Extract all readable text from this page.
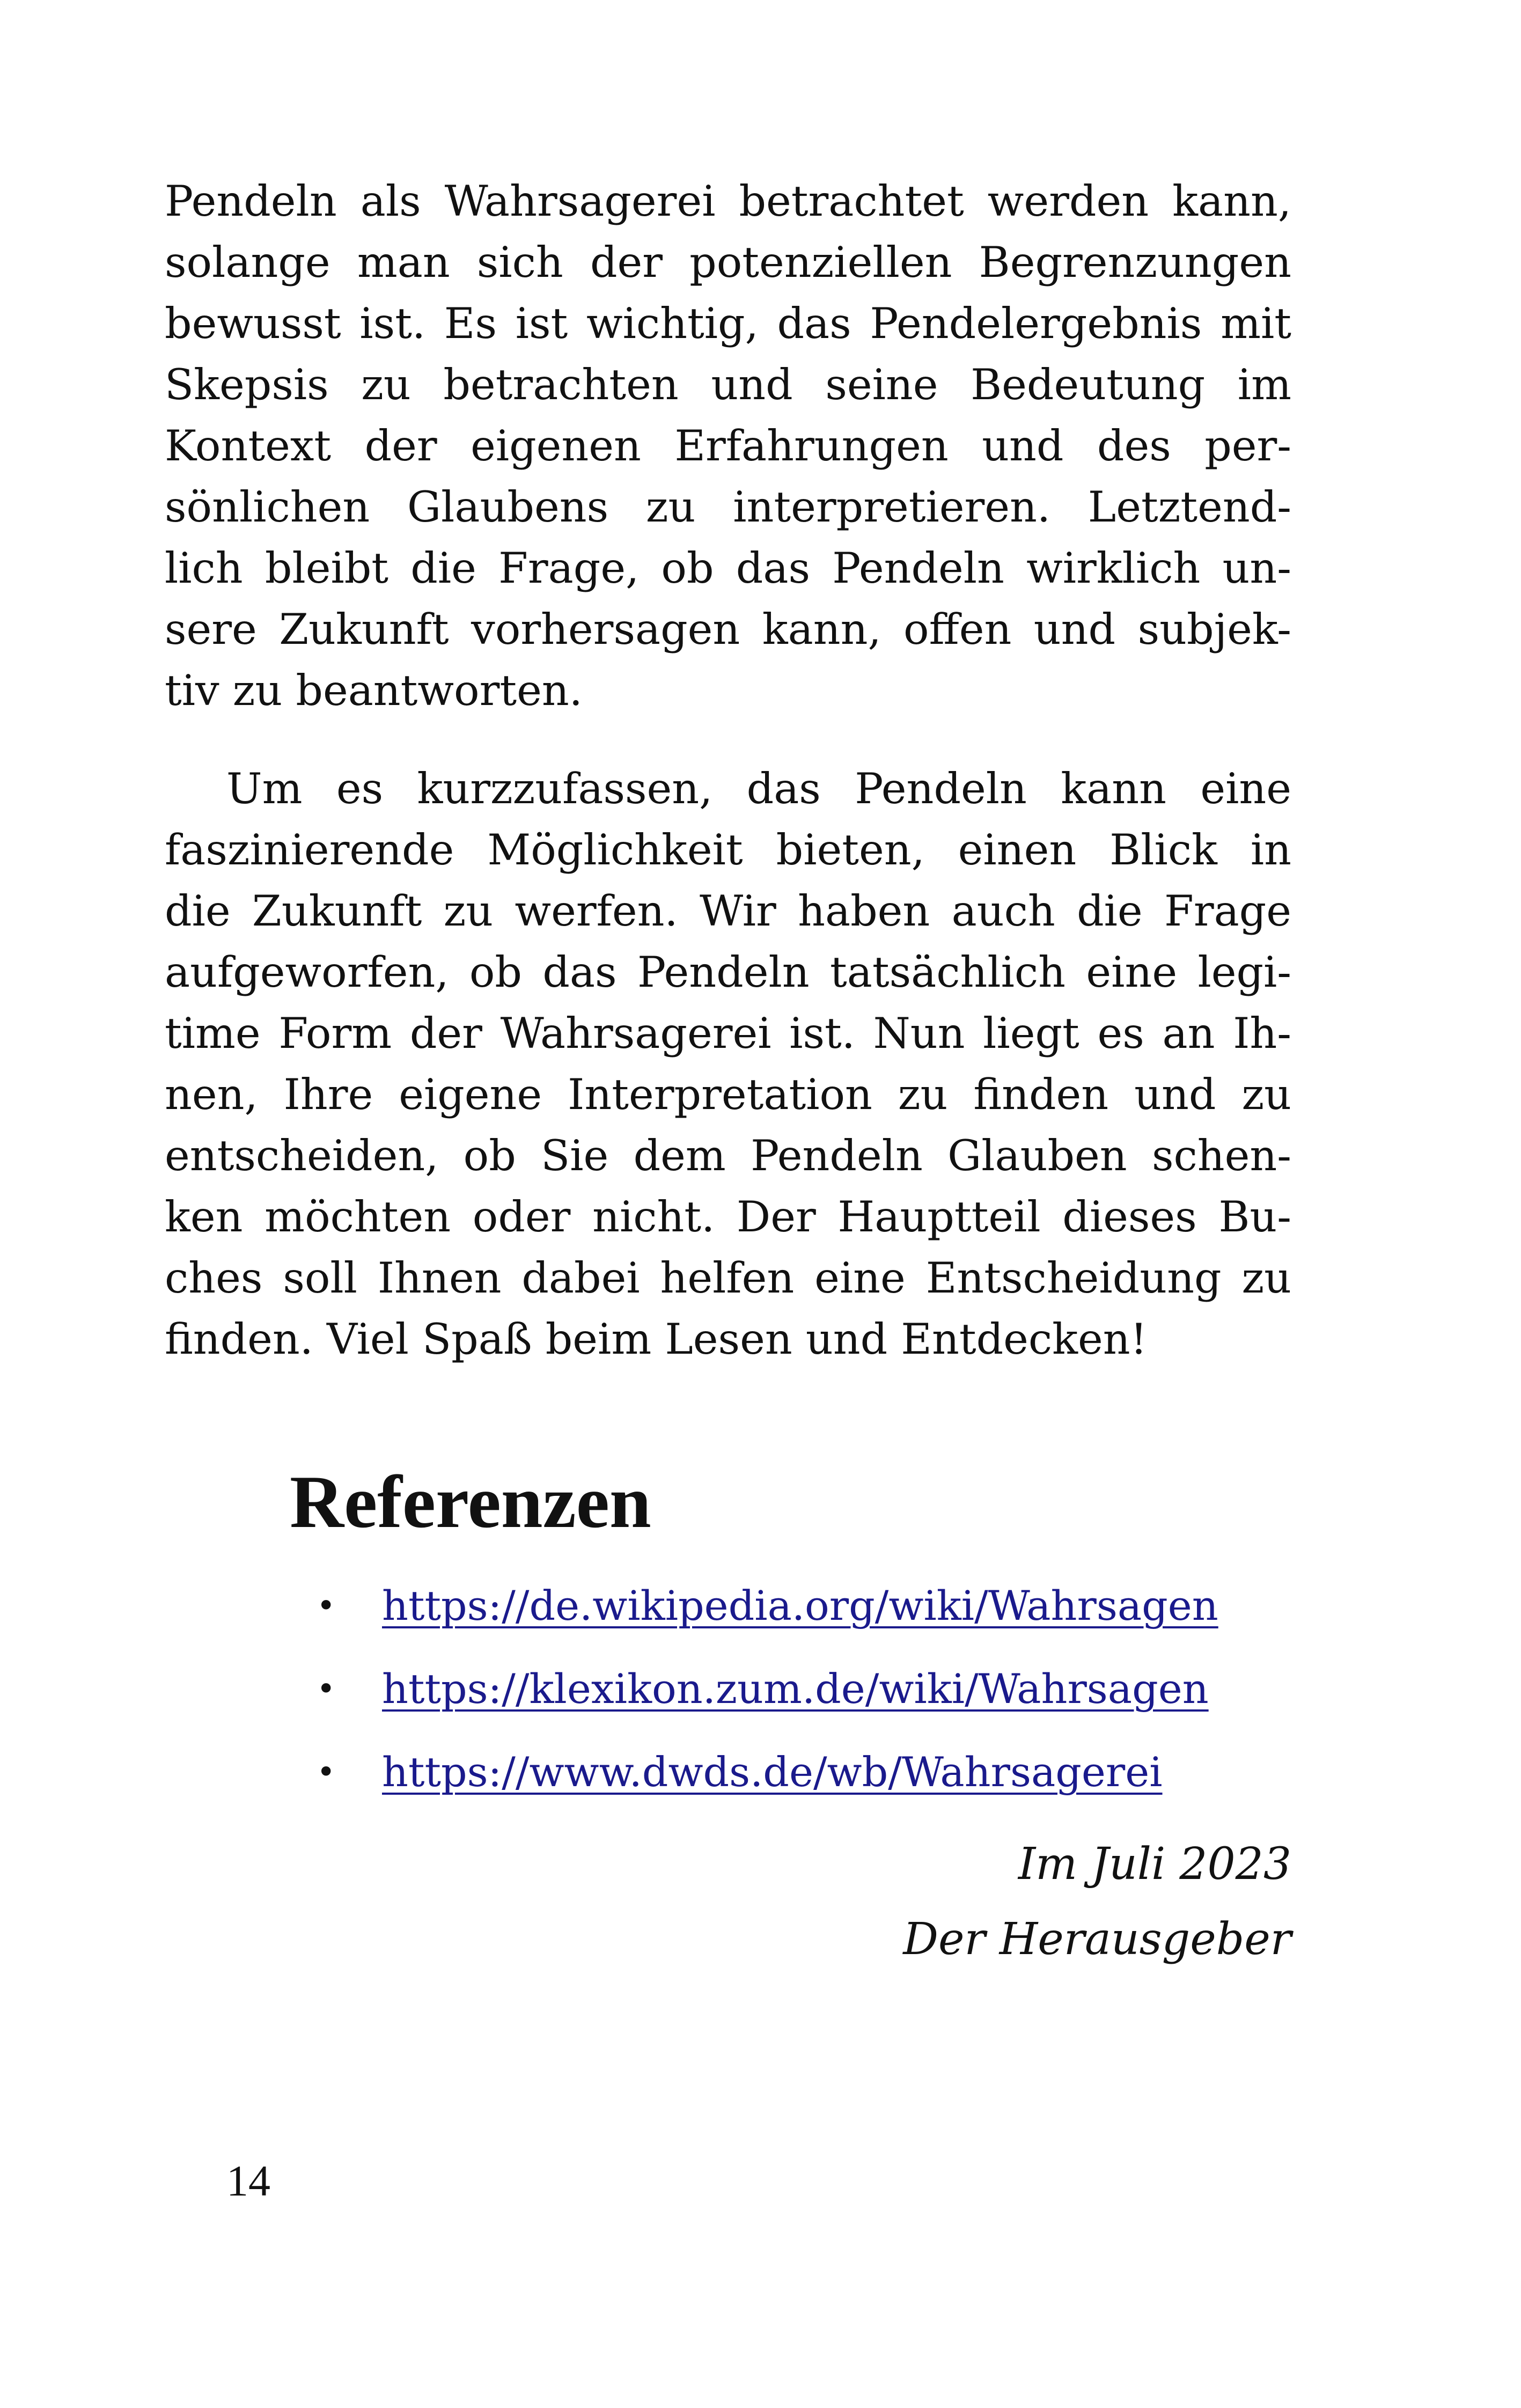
Pendeln als Wahrsagerei betrachtet werden kann,
solange man sich der potenziellen Begrenzungen
bewusst ist. Es ist wichtig, das Pendelergebnis mit
Skepsis zu betrachten und seine Bedeutung im
Kontext der eigenen Erfahrungen und des per-
sönlichen Glaubens zu interpretieren. Letztend-
lich bleibt die Frage, ob das Pendeln wirklich un-
sere Zukunft vorhersagen kann, offen und subjek-
tiv zu beantworten.
Um es kurzzufassen, das Pendeln kann eine
faszinierende Möglichkeit bieten, einen Blick in
die Zukunft zu werfen. Wir haben auch die Frage
aufgeworfen, ob das Pendeln tatsächlich eine legi-
time Form der Wahrsagerei ist. Nun liegt es an Ih-
nen, Ihre eigene Interpretation zu finden und zu
entscheiden, ob Sie dem Pendeln Glauben schen-
ken möchten oder nicht. Der Hauptteil dieses Bu-
ches soll Ihnen dabei helfen eine Entscheidung zu
finden. Viel Spaß beim Lesen und Entdecken!
Referenzen
• https://de.wikipedia.org/wiki/Wahrsagen
• https://klexikon.zum.de/wiki/Wahrsagen
• https://www.dwds.de/wb/Wahrsagerei
Im Juli 2023
Der Herausgeber
14
